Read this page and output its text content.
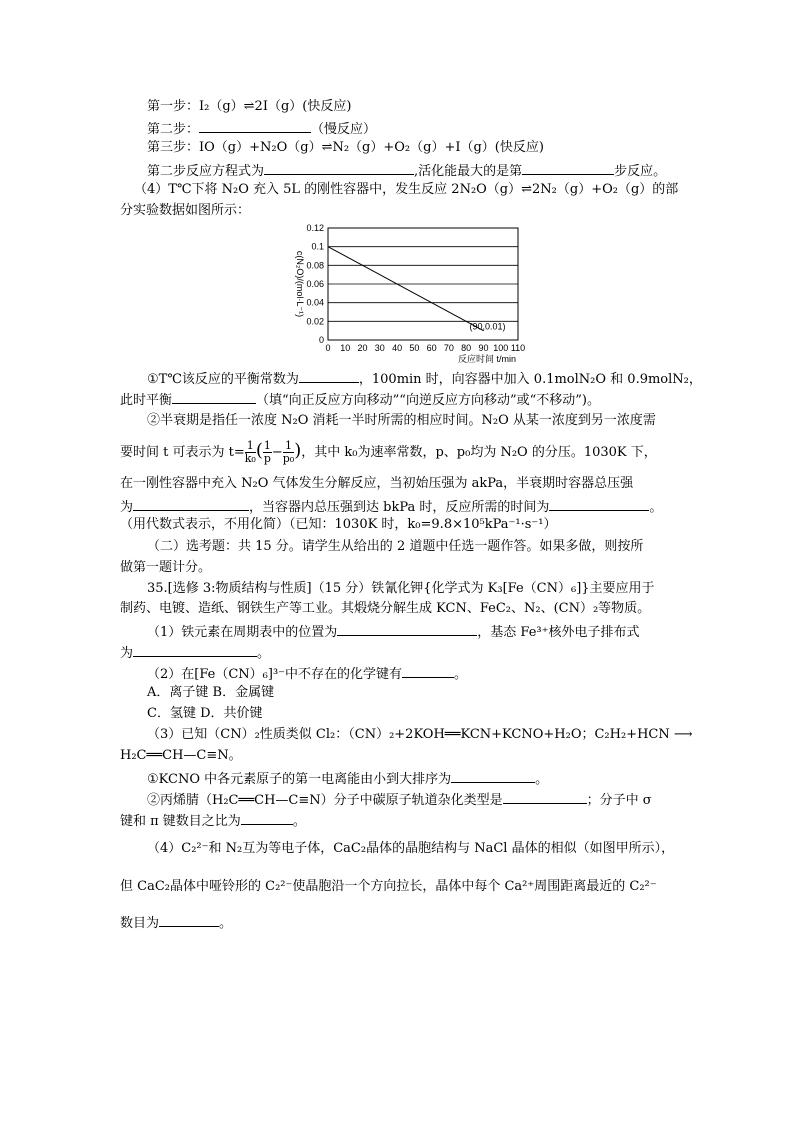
第一步：I₂（g）⇌2I（g）(快反应)
第二步：	（慢反应）
第三步：IO（g）+N₂O（g）⇌N₂（g）+O₂（g）+I（g）(快反应)
第二步反应方程式为	,活化能最大的是第	步反应。
（4）T℃下将 N₂O 充入 5L 的刚性容器中，发生反应 2N₂O（g）⇌2N₂（g）+O₂（g）的部
分实验数据如图所示：
0
0.02
0.04
0.06
0.08
0.1
0.12
0 10 20 30 40 50 60 70 80 90 100 110
(90,0.01)
反应时间 t/min
c(N₂O)/(mol·L⁻¹)
①T℃该反应的平衡常数为	，100min 时，向容器中加入 0.1molN₂O 和 0.9molN₂，
此时平衡	（填“向正反应方向移动”“向逆反应方向移动”或“不移动”)。
②半衰期是指任一浓度 N₂O 消耗一半时所需的相应时间。N₂O 从某一浓度到另一浓度需
要时间 t 可表示为 $t= \frac{1}{\text{k₀}}$ ( $\frac{1}{p} - \frac{1}{\text{p₀}}$ )，其中 k₀为速率常数，p、p₀均为 N₂O 的分压。1030K 下，
在一刚性容器中充入 N₂O 气体发生分解反应，当初始压强为 akPa，半衰期时容器总压强
为	，当容器内总压强到达 bkPa 时，反应所需的时间为	。
（用代数式表示，不用化简）（已知：1030K 时，k₀=9.8×10⁵kPa⁻¹·s⁻¹）
（二）选考题：共 15 分。请学生从给出的 2 道题中任选一题作答。如果多做，则按所
做第一题计分。
35.[选修 3:物质结构与性质]（15 分）铁氰化钾{化学式为 K₃[Fe（CN）₆]}主要应用于
制药、电镀、造纸、钢铁生产等工业。其煅烧分解生成 KCN、FeC₂、N₂、(CN）₂等物质。
（1）铁元素在周期表中的位置为	，基态 Fe³⁺核外电子排布式
为	。
（2）在[Fe（CN）₆]³⁻中不存在的化学键有	。
A．离子键 B．金属键
C．氢键 D．共价键
（3）已知（CN）₂性质类似 Cl₂：（CN）₂+2KOH══KCN+KCNO+H₂O；C₂H₂+HCN ⟶
H₂C══CH—C≡N。
①KCNO 中各元素原子的第一电离能由小到大排序为	。
②丙烯腈（H₂C══CH—C≡N）分子中碳原子轨道杂化类型是	；分子中 σ
键和 π 键数目之比为	。
（4）C₂²⁻和 N₂互为等电子体，CaC₂晶体的晶胞结构与 NaCl 晶体的相似（如图甲所示），
但 CaC₂晶体中哑铃形的 C₂²⁻使晶胞沿一个方向拉长，晶体中每个 Ca²⁺周围距离最近的 C₂²⁻
数目为	。
